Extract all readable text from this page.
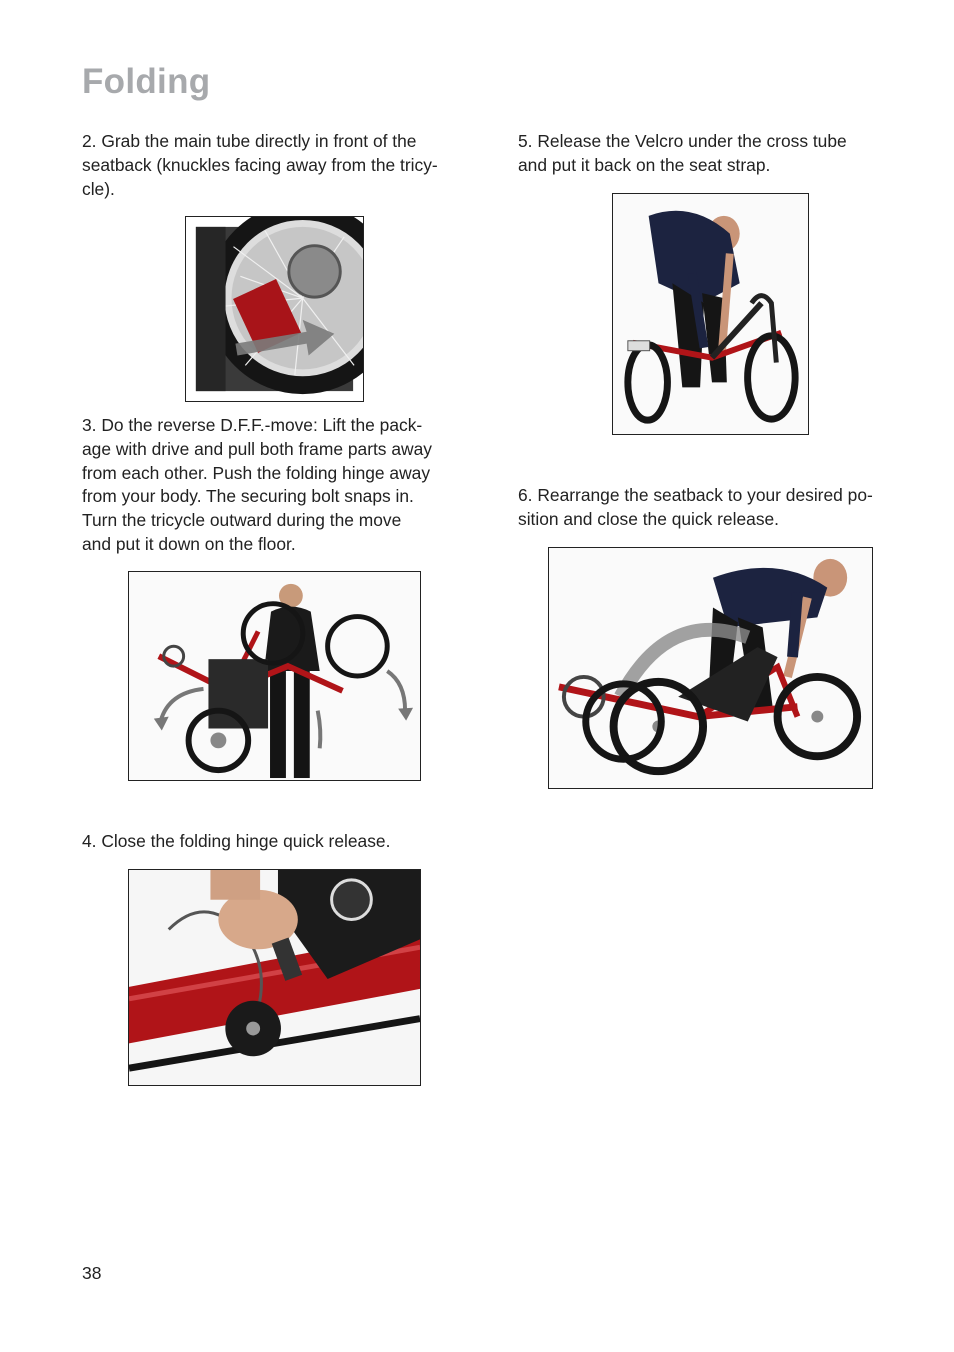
Folding

2. Grab the main tube directly in front of the
seatback (knuckles facing away from the tricy-
cle).

3. Do the reverse D.F.F.-move: Lift the pack-
age with drive and pull both frame parts away
from each other. Push the folding hinge away
from your body. The securing bolt snaps in.
Turn the tricycle outward during the move
and put it down on the floor.

4. Close the folding hinge quick release.

5. Release the Velcro under the cross tube
and put it back on the seat strap.

6. Rearrange the seatback to your desired po-
sition and close the quick release.

38
